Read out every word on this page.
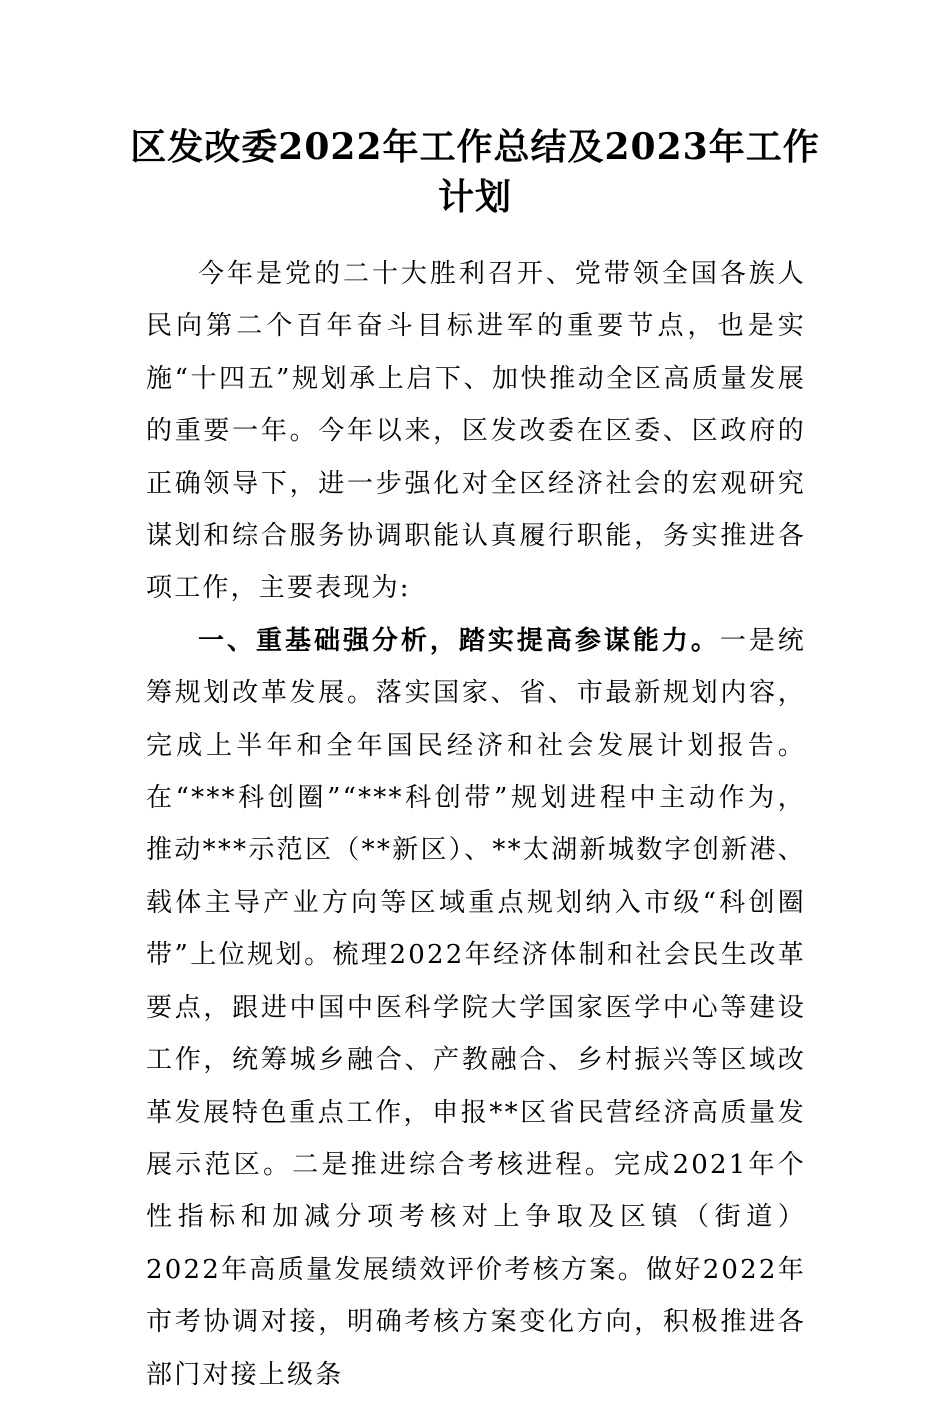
区发改委2022年工作总结及2023年工作计划

今年是党的二十大胜利召开、党带领全国各族人民向第二个百年奋斗目标进军的重要节点，也是实施“十四五”规划承上启下、加快推动全区高质量发展的重要一年。今年以来，区发改委在区委、区政府的正确领导下，进一步强化对全区经济社会的宏观研究谋划和综合服务协调职能认真履行职能，务实推进各项工作，主要表现为:

一、重基础强分析，踏实提高参谋能力。一是统筹规划改革发展。落实国家、省、市最新规划内容，完成上半年和全年国民经济和社会发展计划报告。在“***科创圈”“***科创带”规划进程中主动作为，推动***示范区（**新区）、**太湖新城数字创新港、载体主导产业方向等区域重点规划纳入市级“科创圈带”上位规划。梳理2022年经济体制和社会民生改革要点，跟进中国中医科学院大学国家医学中心等建设工作，统筹城乡融合、产教融合、乡村振兴等区域改革发展特色重点工作，申报**区省民营经济高质量发展示范区。二是推进综合考核进程。完成2021年个性指标和加减分项考核对上争取及区镇（街道）2022年高质量发展绩效评价考核方案。做好2022年市考协调对接，明确考核方案变化方向，积极推进各部门对接上级条
